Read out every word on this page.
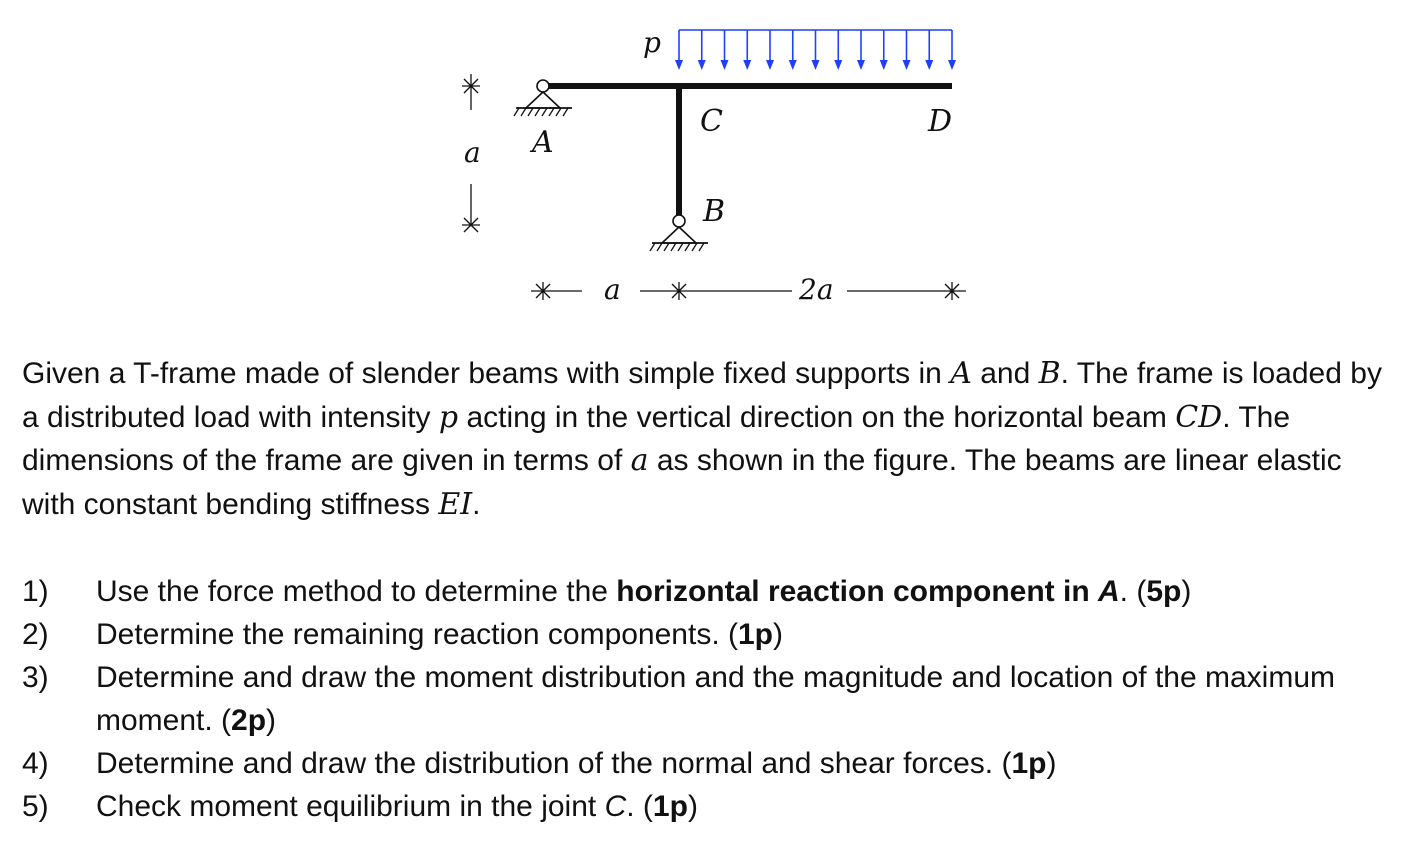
p
A
B
C	D
a
a	2a

Given a T-frame made of slender beams with simple fixed supports in A and B. The frame is loaded by a distributed load with intensity p acting in the vertical direction on the horizontal beam CD. The dimensions of the frame are given in terms of a as shown in the figure. The beams are linear elastic with constant bending stiffness EI.

1) Use the force method to determine the horizontal reaction component in A. (5p)
2) Determine the remaining reaction components. (1p)
3) Determine and draw the moment distribution and the magnitude and location of the maximum moment. (2p)
4) Determine and draw the distribution of the normal and shear forces. (1p)
5) Check moment equilibrium in the joint C. (1p)
